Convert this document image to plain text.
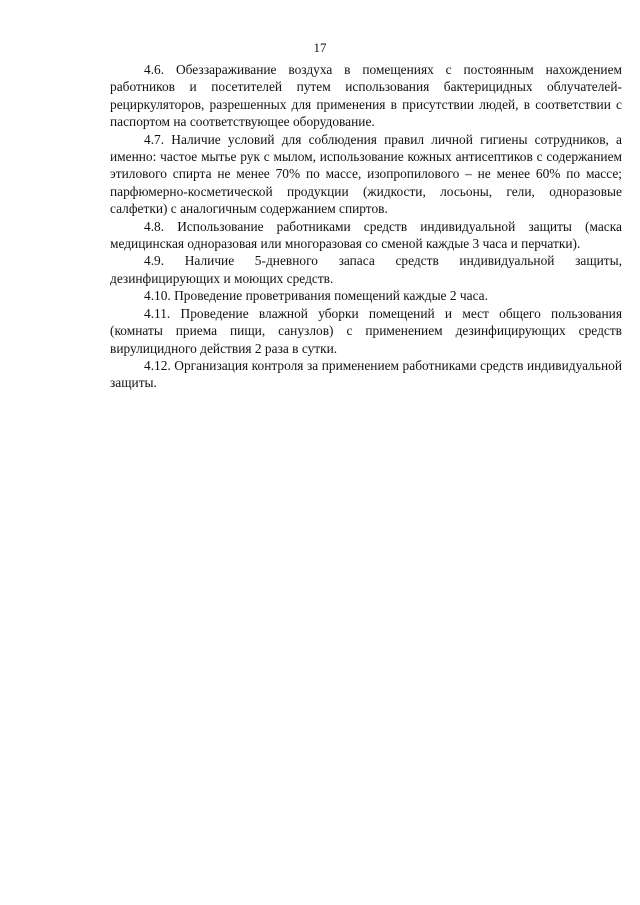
17

4.6. Обеззараживание воздуха в помещениях с постоянным нахождением работников и посетителей путем использования бактерицидных облучателей-рециркуляторов, разрешенных для применения в присутствии людей, в соответствии с паспортом на соответствующее оборудование.

4.7. Наличие условий для соблюдения правил личной гигиены сотрудников, а именно: частое мытье рук с мылом, использование кожных антисептиков с содержанием этилового спирта не менее 70% по массе, изопропилового – не менее 60% по массе; парфюмерно-косметической продукции (жидкости, лосьоны, гели, одноразовые салфетки) с аналогичным содержанием спиртов.

4.8. Использование работниками средств индивидуальной защиты (маска медицинская одноразовая или многоразовая со сменой каждые 3 часа и перчатки).

4.9. Наличие 5-дневного запаса средств индивидуальной защиты, дезинфицирующих и моющих средств.

4.10. Проведение проветривания помещений каждые 2 часа.

4.11. Проведение влажной уборки помещений и мест общего пользования (комнаты приема пищи, санузлов) с применением дезинфицирующих средств вирулицидного действия 2 раза в сутки.

4.12. Организация контроля за применением работниками средств индивидуальной защиты.
